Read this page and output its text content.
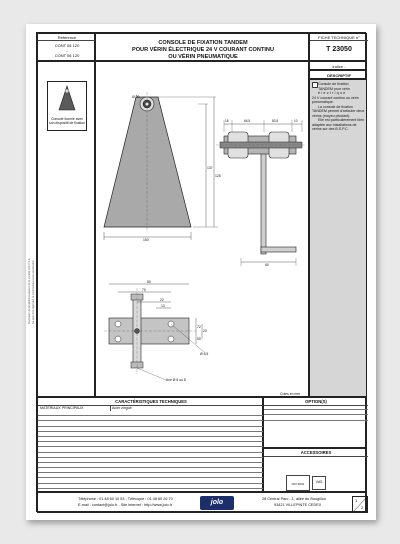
Référence
CONT 06 120
-
CONT 06 120
CONSOLE DE FIXATION TANDEM
POUR VÉRIN ÉLECTRIQUE 24 V COURANT CONTINU
OU VÉRIN PNEUMATIQUE
FICHE TECHNIQUE n°
T 23050
indice -
DESCRIPTIF
Console de fixation
TANDEM pour vérin
électrique
24 V courant continu ou vérin
pneumatique.
La console de fixation
TANDEM permet d'articuler deux
vérins (moyeu pivotant).
Elle est particulièrement bien
adaptée aux installations de
vérins sur des B.S.P.C.
Console fournie avec
son dispositif de fixation
Ø 20
150
137
125
18	66,5	83,5	10
60
80
70
22
13
72
20
50
Ø 8,5
Axe Ø 6 ou 8
Cotes en mm
CARACTÉRISTIQUES TECHNIQUES
MATÉRIAUX PRINCIPAUX	Acier zingué
OPTION(S)
ACCESSOIRES
ISO 9001	VdS
Téléphone : 01 48 60 10 53 - Télécopie : 01 48 60 26 70
E-mail : contact@jolo.fr - Site internet : http://www.jolo.fr	jolo	28 Central Parc - 1, allée du Bougillon
93421 VILLEPINTE CEDEX
1
2
Document de propriété exclusive de la société JOLO S.A. Ne peut être reproduit ni communiqué sans autorisation
